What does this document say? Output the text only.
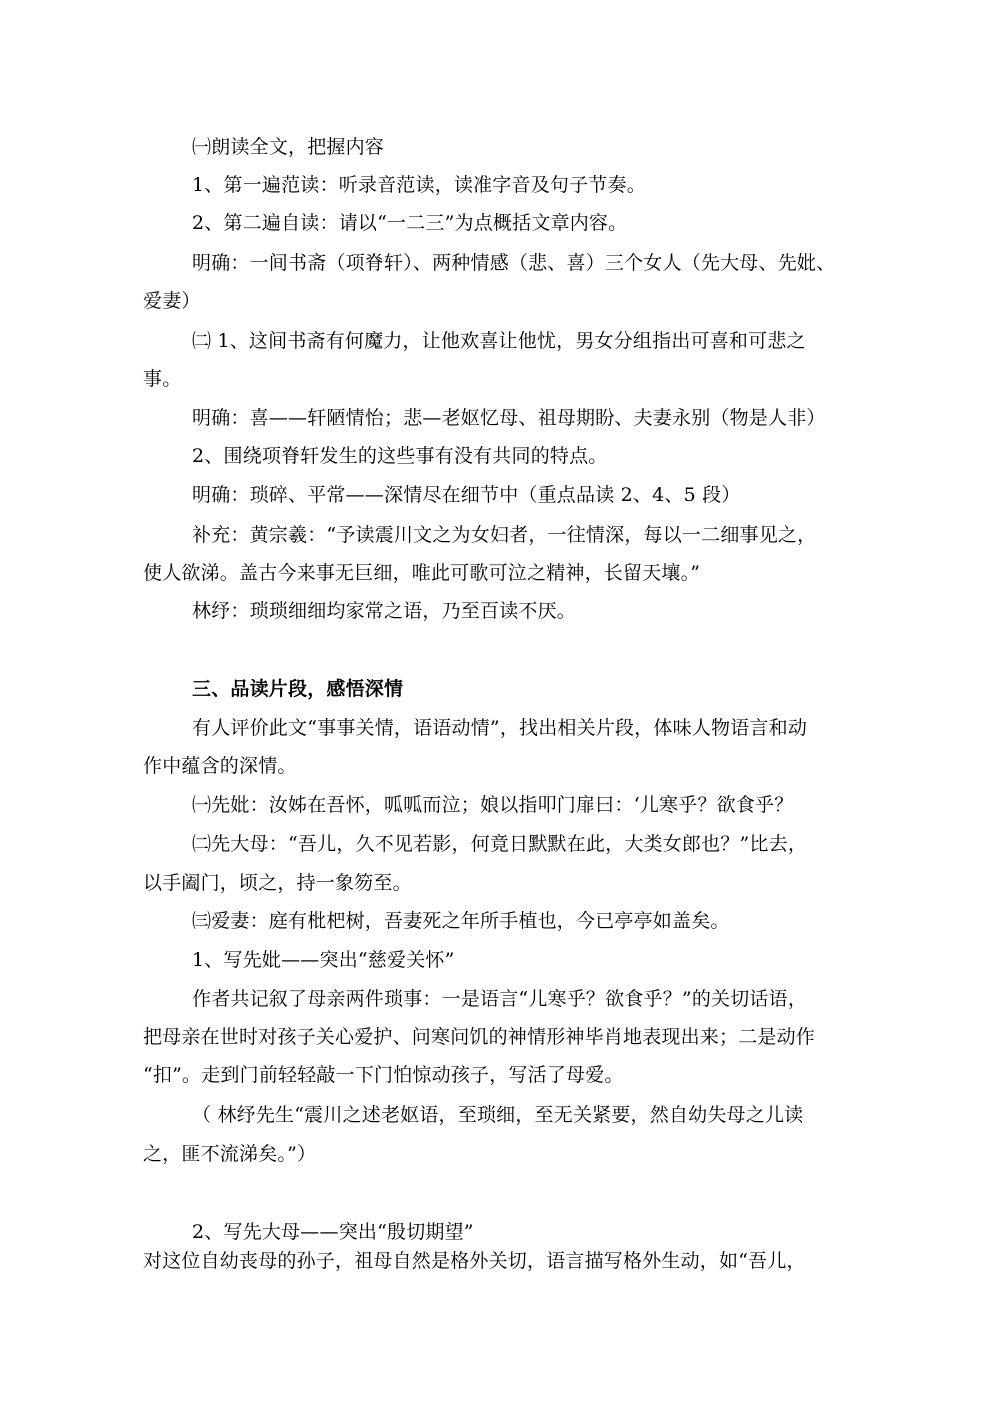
㈠朗读全文，把握内容
1、第一遍范读：听录音范读，读准字音及句子节奏。
2、第二遍自读：请以“一二三”为点概括文章内容。
明确：一间书斋（项脊轩）、两种情感（悲、喜）三个女人（先大母、先妣、
爱妻）
㈡ 1、这间书斋有何魔力，让他欢喜让他忧，男女分组指出可喜和可悲之
事。
明确：喜——轩陋情怡；悲—老妪忆母、祖母期盼、夫妻永别（物是人非）
2、围绕项脊轩发生的这些事有没有共同的特点。
明确：琐碎、平常——深情尽在细节中（重点品读 2、4、5 段）
补充：黄宗羲：“予读震川文之为女妇者，一往情深，每以一二细事见之，
使人欲涕。盖古今来事无巨细，唯此可歌可泣之精神，长留天壤。”
林纾：琐琐细细均家常之语，乃至百读不厌。
三、品读片段，感悟深情
有人评价此文“事事关情，语语动情”，找出相关片段，体味人物语言和动
作中蕴含的深情。
㈠先妣：汝姊在吾怀，呱呱而泣；娘以指叩门扉曰：‘儿寒乎？欲食乎？
㈡先大母：“吾儿，久不见若影，何竟日默默在此，大类女郎也？”比去，
以手阖门，顷之，持一象笏至。
㈢爱妻：庭有枇杷树，吾妻死之年所手植也，今已亭亭如盖矣。
1、写先妣——突出“慈爱关怀”
作者共记叙了母亲两件琐事：一是语言“儿寒乎？欲食乎？”的关切话语，
把母亲在世时对孩子关心爱护、问寒问饥的神情形神毕肖地表现出来；二是动作
“扣”。走到门前轻轻敲一下门怕惊动孩子，写活了母爱。
（ 林纾先生“震川之述老妪语，至琐细，至无关紧要，然自幼失母之儿读
之，匪不流涕矣。”）
2、写先大母——突出“殷切期望”
对这位自幼丧母的孙子，祖母自然是格外关切，语言描写格外生动，如“吾儿，
